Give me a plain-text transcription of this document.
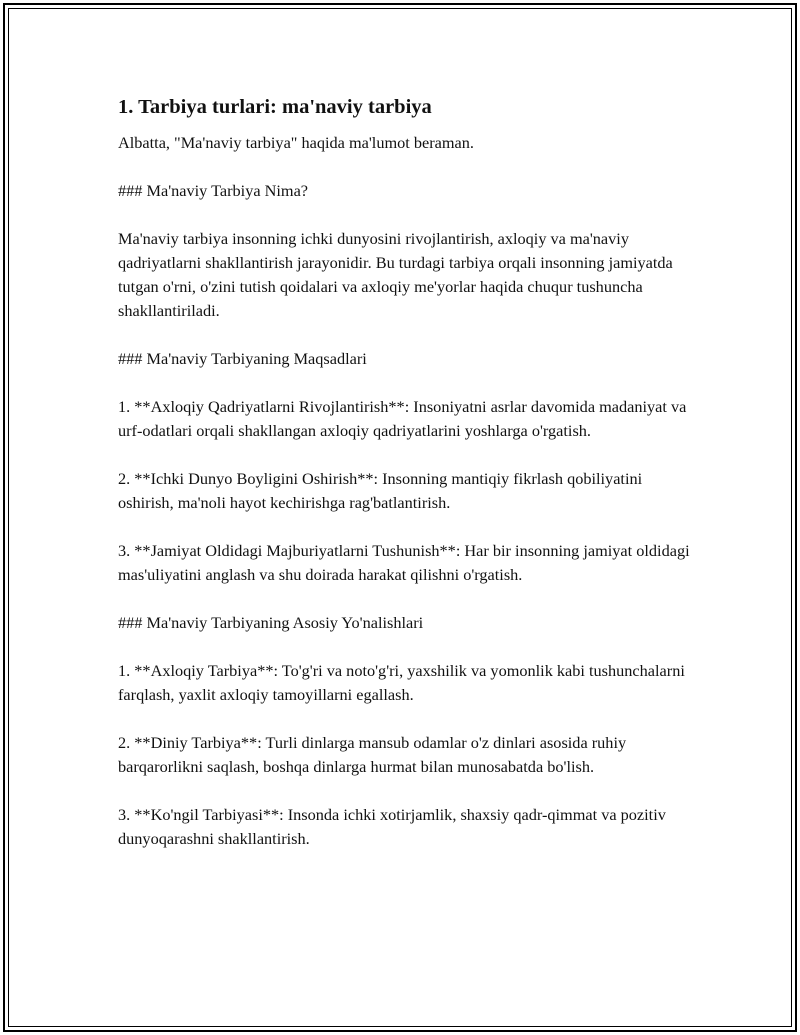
1. Tarbiya turlari: ma'naviy tarbiya

Albatta, "Ma'naviy tarbiya" haqida ma'lumot beraman.

### Ma'naviy Tarbiya Nima?

Ma'naviy tarbiya insonning ichki dunyosini rivojlantirish, axloqiy va ma'naviy qadriyatlarni shakllantirish jarayonidir. Bu turdagi tarbiya orqali insonning jamiyatda tutgan o'rni, o'zini tutish qoidalari va axloqiy me'yorlar haqida chuqur tushuncha shakllantiriladi.

### Ma'naviy Tarbiyaning Maqsadlari

1. **Axloqiy Qadriyatlarni Rivojlantirish**: Insoniyatni asrlar davomida madaniyat va urf-odatlari orqali shakllangan axloqiy qadriyatlarini yoshlarga o'rgatish.

2. **Ichki Dunyo Boyligini Oshirish**: Insonning mantiqiy fikrlash qobiliyatini oshirish, ma'noli hayot kechirishga rag'batlantirish.

3. **Jamiyat Oldidagi Majburiyatlarni Tushunish**: Har bir insonning jamiyat oldidagi mas'uliyatini anglash va shu doirada harakat qilishni o'rgatish.

### Ma'naviy Tarbiyaning Asosiy Yo'nalishlari

1. **Axloqiy Tarbiya**: To'g'ri va noto'g'ri, yaxshilik va yomonlik kabi tushunchalarni farqlash, yaxlit axloqiy tamoyillarni egallash.

2. **Diniy Tarbiya**: Turli dinlarga mansub odamlar o'z dinlari asosida ruhiy barqarorlikni saqlash, boshqa dinlarga hurmat bilan munosabatda bo'lish.

3. **Ko'ngil Tarbiyasi**: Insonda ichki xotirjamlik, shaxsiy qadr-qimmat va pozitiv dunyoqarashni shakllantirish.
